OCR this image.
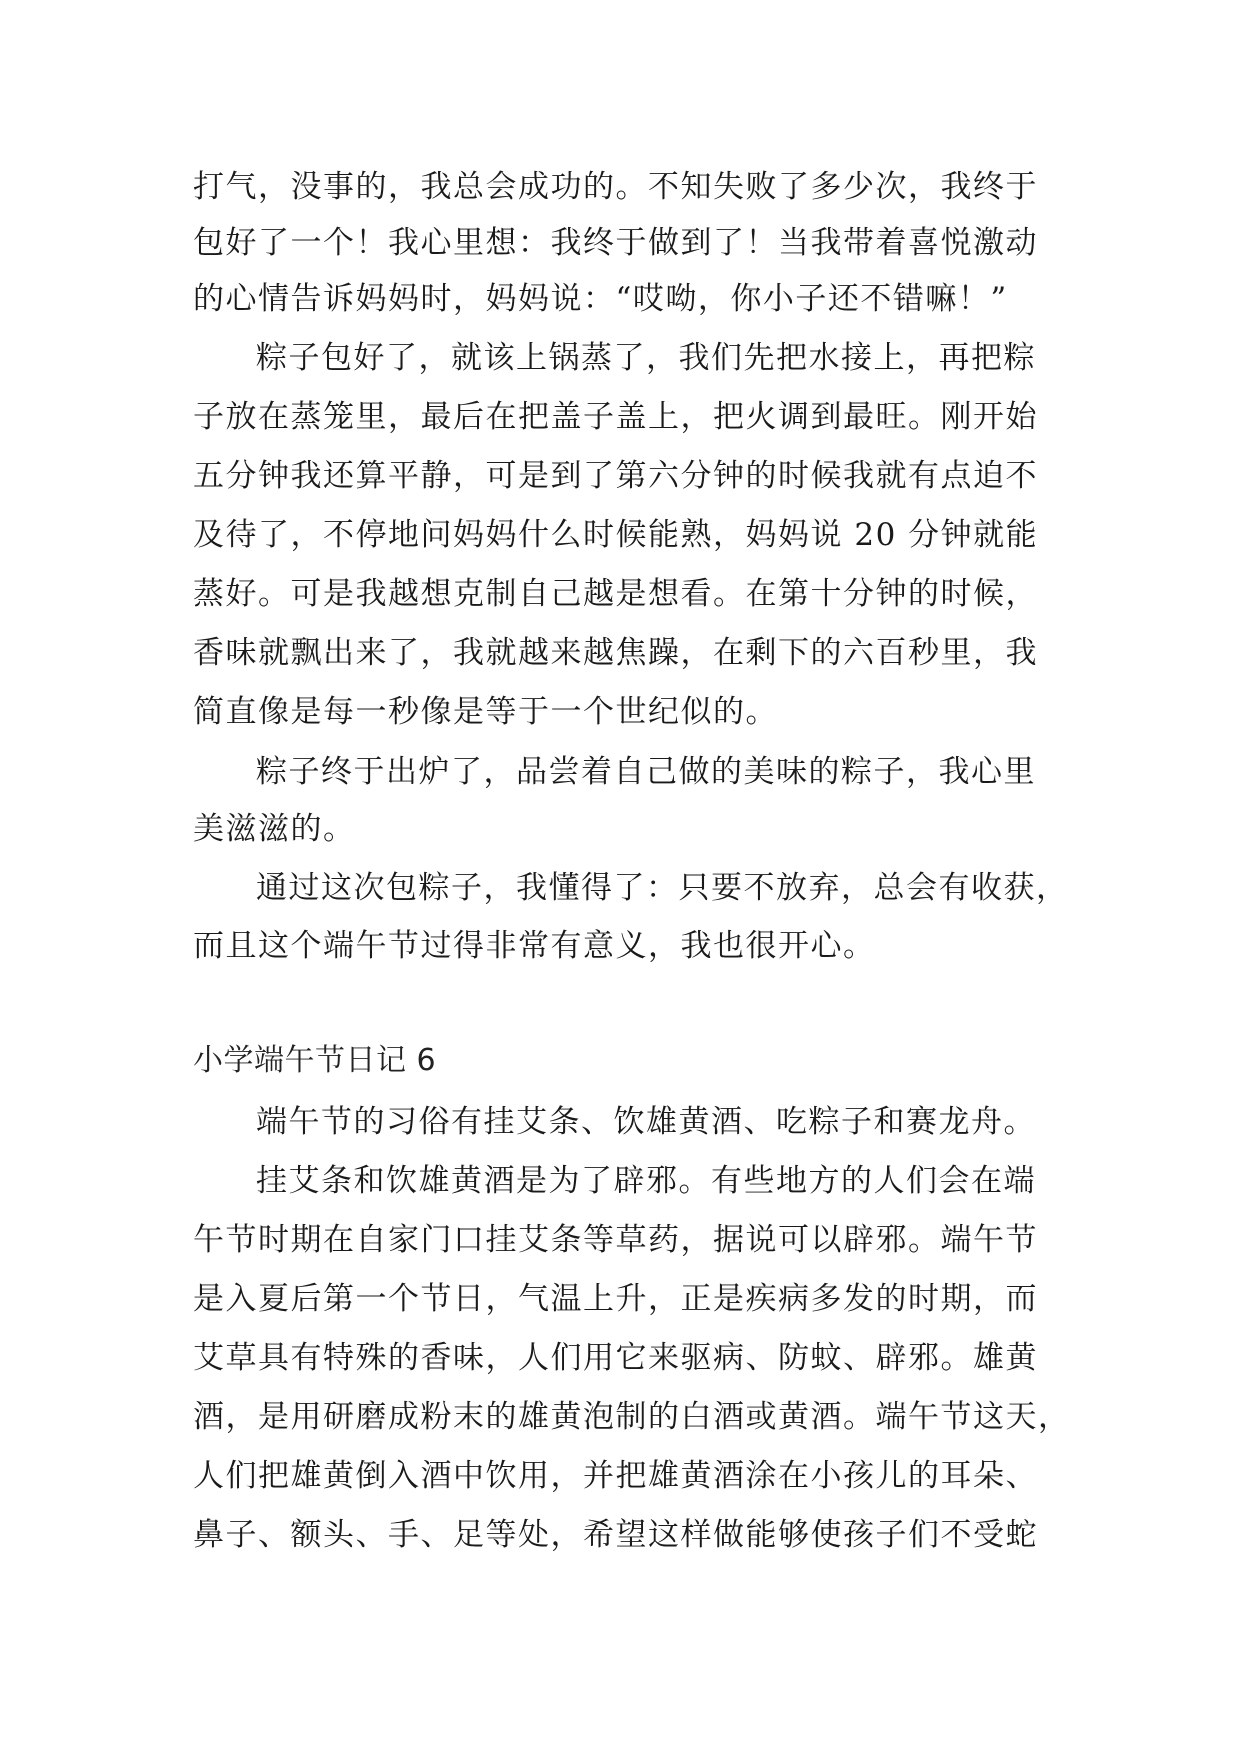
打气，没事的，我总会成功的。不知失败了多少次，我终于
包好了一个！我心里想：我终于做到了！当我带着喜悦激动
的心情告诉妈妈时，妈妈说：“哎呦，你小子还不错嘛！”
粽子包好了，就该上锅蒸了，我们先把水接上，再把粽
子放在蒸笼里，最后在把盖子盖上，把火调到最旺。刚开始
五分钟我还算平静，可是到了第六分钟的时候我就有点迫不
及待了，不停地问妈妈什么时候能熟，妈妈说 20 分钟就能
蒸好。可是我越想克制自己越是想看。在第十分钟的时候，
香味就飘出来了，我就越来越焦躁，在剩下的六百秒里，我
简直像是每一秒像是等于一个世纪似的。
粽子终于出炉了，品尝着自己做的美味的粽子，我心里
美滋滋的。
通过这次包粽子，我懂得了：只要不放弃，总会有收获，
而且这个端午节过得非常有意义，我也很开心。
小学端午节日记 6
端午节的习俗有挂艾条、饮雄黄酒、吃粽子和赛龙舟。
挂艾条和饮雄黄酒是为了辟邪。有些地方的人们会在端
午节时期在自家门口挂艾条等草药，据说可以辟邪。端午节
是入夏后第一个节日，气温上升，正是疾病多发的时期，而
艾草具有特殊的香味，人们用它来驱病、防蚊、辟邪。雄黄
酒，是用研磨成粉末的雄黄泡制的白酒或黄酒。端午节这天，
人们把雄黄倒入酒中饮用，并把雄黄酒涂在小孩儿的耳朵、
鼻子、额头、手、足等处，希望这样做能够使孩子们不受蛇
